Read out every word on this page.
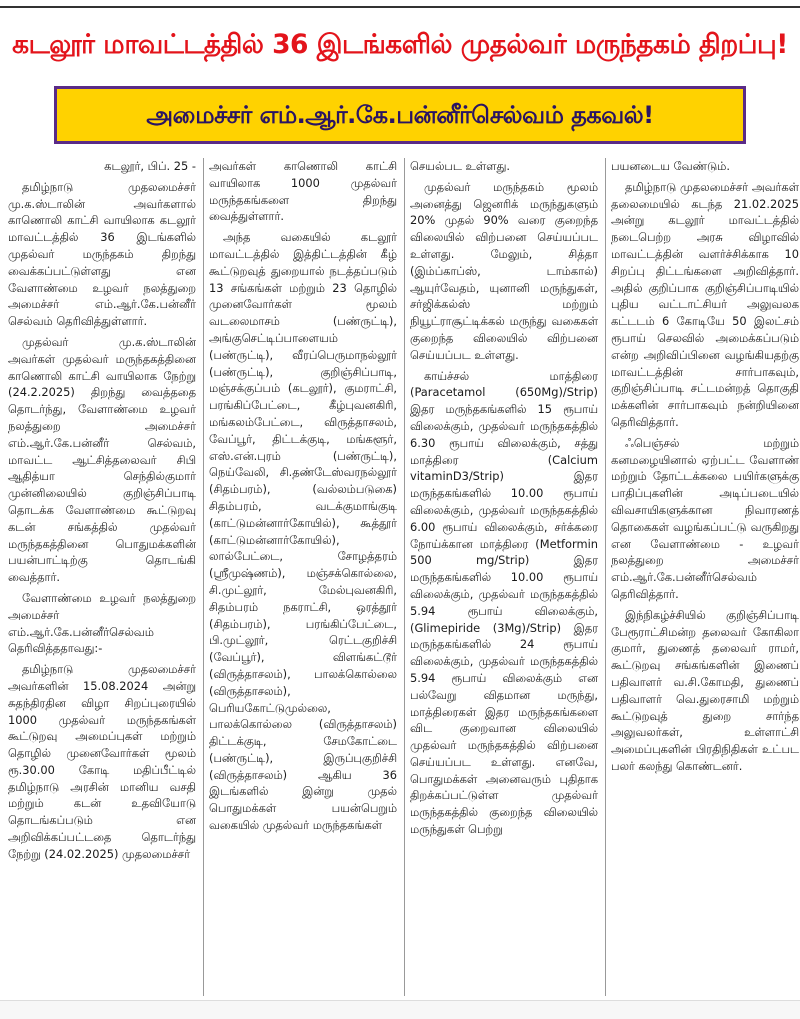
கடலூர் மாவட்டத்தில் 36 இடங்களில் முதல்வர் மருந்தகம் திறப்பு!
அமைச்சர் எம்.ஆர்.கே.பன்னீர்செல்வம் தகவல்!

கடலூர், பிப். 25 -

தமிழ்நாடு முதலமைச்சர் மு.க.ஸ்டாலின் அவர்களால் காணொலி காட்சி வாயிலாக கடலூர் மாவட்டத்தில் 36 இடங்களில் முதல்வர் மருந்தகம் திறந்து வைக்கப்பட்டுள்ளது என வேளாண்மை உழவர் நலத்துறை அமைச்சர் எம்.ஆர்.கே.பன்னீர் செல்வம் தெரிவித்துள்ளார்.

முதல்வர் மு.க.ஸ்டாலின் அவர்கள் முதல்வர் மருந்தகத்தினை காணொலி காட்சி வாயிலாக நேற்று (24.2.2025) திறந்து வைத்ததை தொடர்ந்து, வேளாண்மை உழவர் நலத்துறை அமைச்சர் எம்.ஆர்.கே.பன்னீர் செல்வம், மாவட்ட ஆட்சித்தலைவர் சிபி ஆதித்யா செந்தில்குமார் முன்னிலையில் குறிஞ்சிப்பாடி தொடக்க வேளாண்மை கூட்டுறவு கடன் சங்கத்தில் முதல்வர் மருந்தகத்தினை பொதுமக்களின் பயன்பாட்டிற்கு தொடங்கி வைத்தார்.

வேளாண்மை உழவர் நலத்துறை அமைச்சர் எம்.ஆர்.கே.பன்னீர்செல்வம் தெரிவித்ததாவது:-

தமிழ்நாடு முதலமைச்சர் அவர்களின் 15.08.2024 அன்று சுதந்திரதின விழா சிறப்புரையில் 1000 முதல்வர் மருந்தகங்கள் கூட்டுறவு அமைப்புகள் மற்றும் தொழில் முனைவோர்கள் மூலம் ரூ.30.00 கோடி மதிப்பீட்டில் தமிழ்நாடு அரசின் மானிய வசதி மற்றும் கடன் உதவியோடு தொடங்கப்படும் என அறிவிக்கப்பட்டதை தொடர்ந்து நேற்று (24.02.2025) முதலமைச்சர்

அவர்கள் காணொலி காட்சி வாயிலாக 1000 முதல்வர் மருந்தகங்களை திறந்து வைத்துள்ளார்.

அந்த வகையில் கடலூர் மாவட்டத்தில் இத்திட்டத்தின் கீழ் கூட்டுறவுத் துறையால் நடத்தப்படும் 13 சங்கங்கள் மற்றும் 23 தொழில் முனைவோர்கள் மூலம் வடலைமாசம் (பண்ருட்டி), அங்குசெட்டிப்பாளையம் (பண்ருட்டி), வீரப்பெருமாநல்லூர் (பண்ருட்டி), குறிஞ்சிப்பாடி, மஞ்சக்குப்பம் (கடலூர்), குமராட்சி, பரங்கிப்பேட்டை, கீழ்புவனகிரி, மங்கலம்பேட்டை, விருத்தாசலம், வேப்பூர், திட்டக்குடி, மங்களூர், எஸ்.என்.புரம் (பண்ருட்டி), நெய்வேலி, சி.தண்டேஸ்வரநல்லூர் (சிதம்பரம்), (வல்லம்படுகை) சிதம்பரம், வடக்குமாங்குடி (காட்டுமன்னார்கோயில்), கூத்தூர் (காட்டுமன்னார்கோயில்), லால்பேட்டை, சோழத்தரம் (ஸ்ரீமுஷ்ணம்), மஞ்சக்கொல்லை, சி.முட்லூர், மேல்புவனகிரி, சிதம்பரம் நகராட்சி, ஒரத்தூர் (சிதம்பரம்), பரங்கிப்பேட்டை, பி.முட்லூர், ரெட்டகுறிச்சி (வேப்பூர்), விளங்கட்டூர் (விருத்தாசலம்), பாலக்கொல்லை (விருத்தாசலம்), பெரியகோட்டுமுல்லை, பாலக்கொல்லை (விருத்தாசலம்) திட்டக்குடி, சேமகோட்டை (பண்ருட்டி), இருப்புகுறிச்சி (விருத்தாசலம்) ஆகிய 36 இடங்களில் இன்று முதல் பொதுமக்கள் பயன்பெறும் வகையில் முதல்வர் மருந்தகங்கள்

செயல்பட உள்ளது.

முதல்வர் மருந்தகம் மூலம் அனைத்து ஜெனரிக் மருந்துகளும் 20% முதல் 90% வரை குறைந்த விலையில் விற்பனை செய்யப்பட உள்ளது. மேலும், சித்தா (இம்ப்காப்ஸ், டாம்கால்) ஆயுர்வேதம், யுனானி மருந்துகள், சர்ஜிக்கல்ஸ் மற்றும் நியூட்ராசூட்டிக்கல் மருந்து வகைகள் குறைந்த விலையில் விற்பனை செய்யப்பட உள்ளது.

காய்ச்சல் மாத்திரை (Paracetamol (650Mg)/Strip) இதர மருந்தகங்களில் 15 ரூபாய் விலைக்கும், முதல்வர் மருந்தகத்தில் 6.30 ரூபாய் விலைக்கும், சத்து மாத்திரை (Calcium vitaminD3/Strip) இதர மருந்தகங்களில் 10.00 ரூபாய் விலைக்கும், முதல்வர் மருந்தகத்தில் 6.00 ரூபாய் விலைக்கும், சர்க்கரை நோய்க்கான மாத்திரை (Metformin 500 mg/Strip) இதர மருந்தகங்களில் 10.00 ரூபாய் விலைக்கும், முதல்வர் மருந்தகத்தில் 5.94 ரூபாய் விலைக்கும், (Glimepiride (3Mg)/Strip) இதர மருந்தகங்களில் 24 ரூபாய் விலைக்கும், முதல்வர் மருந்தகத்தில் 5.94 ரூபாய் விலைக்கும் என பல்வேறு விதமான மருந்து, மாத்திரைகள் இதர மருந்தகங்களை விட குறைவான விலையில் முதல்வர் மருந்தகத்தில் விற்பனை செய்யப்பட உள்ளது. எனவே, பொதுமக்கள் அனைவரும் புதிதாக திறக்கப்பட்டுள்ள முதல்வர் மருந்தகத்தில் குறைந்த விலையில் மருந்துகள் பெற்று

பயனடைய வேண்டும்.

தமிழ்நாடு முதலமைச்சர் அவர்கள் தலைமையில் கடந்த 21.02.2025 அன்று கடலூர் மாவட்டத்தில் நடைபெற்ற அரசு விழாவில் மாவட்டத்தின் வளர்ச்சிக்காக 10 சிறப்பு திட்டங்களை அறிவித்தார். அதில் குறிப்பாக குறிஞ்சிப்பாடியில் புதிய வட்டாட்சியர் அலுவலக கட்டடம் 6 கோடியே 50 இலட்சம் ரூபாய் செலவில் அமைக்கப்படும் என்ற அறிவிப்பினை வழங்கியதற்கு மாவட்டத்தின் சார்பாகவும், குறிஞ்சிப்பாடி சட்டமன்றத் தொகுதி மக்களின் சார்பாகவும் நன்றியினை தெரிவித்தார்.

ஃபெஞ்சல் மற்றும் கனமழையினால் ஏற்பட்ட வேளாண் மற்றும் தோட்டக்கலை பயிர்களுக்கு பாதிப்புகளின் அடிப்படையில் விவசாயிகளுக்கான நிவாரணத் தொகைகள் வழங்கப்பட்டு வருகிறது என வேளாண்மை - உழவர் நலத்துறை அமைச்சர் எம்.ஆர்.கே.பன்னீர்செல்வம் தெரிவித்தார்.

இந்நிகழ்ச்சியில் குறிஞ்சிப்பாடி பேரூராட்சிமன்ற தலைவர் கோகிலா குமார், துணைத் தலைவர் ராமர், கூட்டுறவு சங்கங்களின் இணைப் பதிவாளர் வ.சி.கோமதி, துணைப் பதிவாளர் வெ.துரைசாமி மற்றும் கூட்டுறவுத் துறை சார்ந்த அலுவலர்கள், உள்ளாட்சி அமைப்புகளின் பிரதிநிதிகள் உட்பட பலர் கலந்து கொண்டனர்.
